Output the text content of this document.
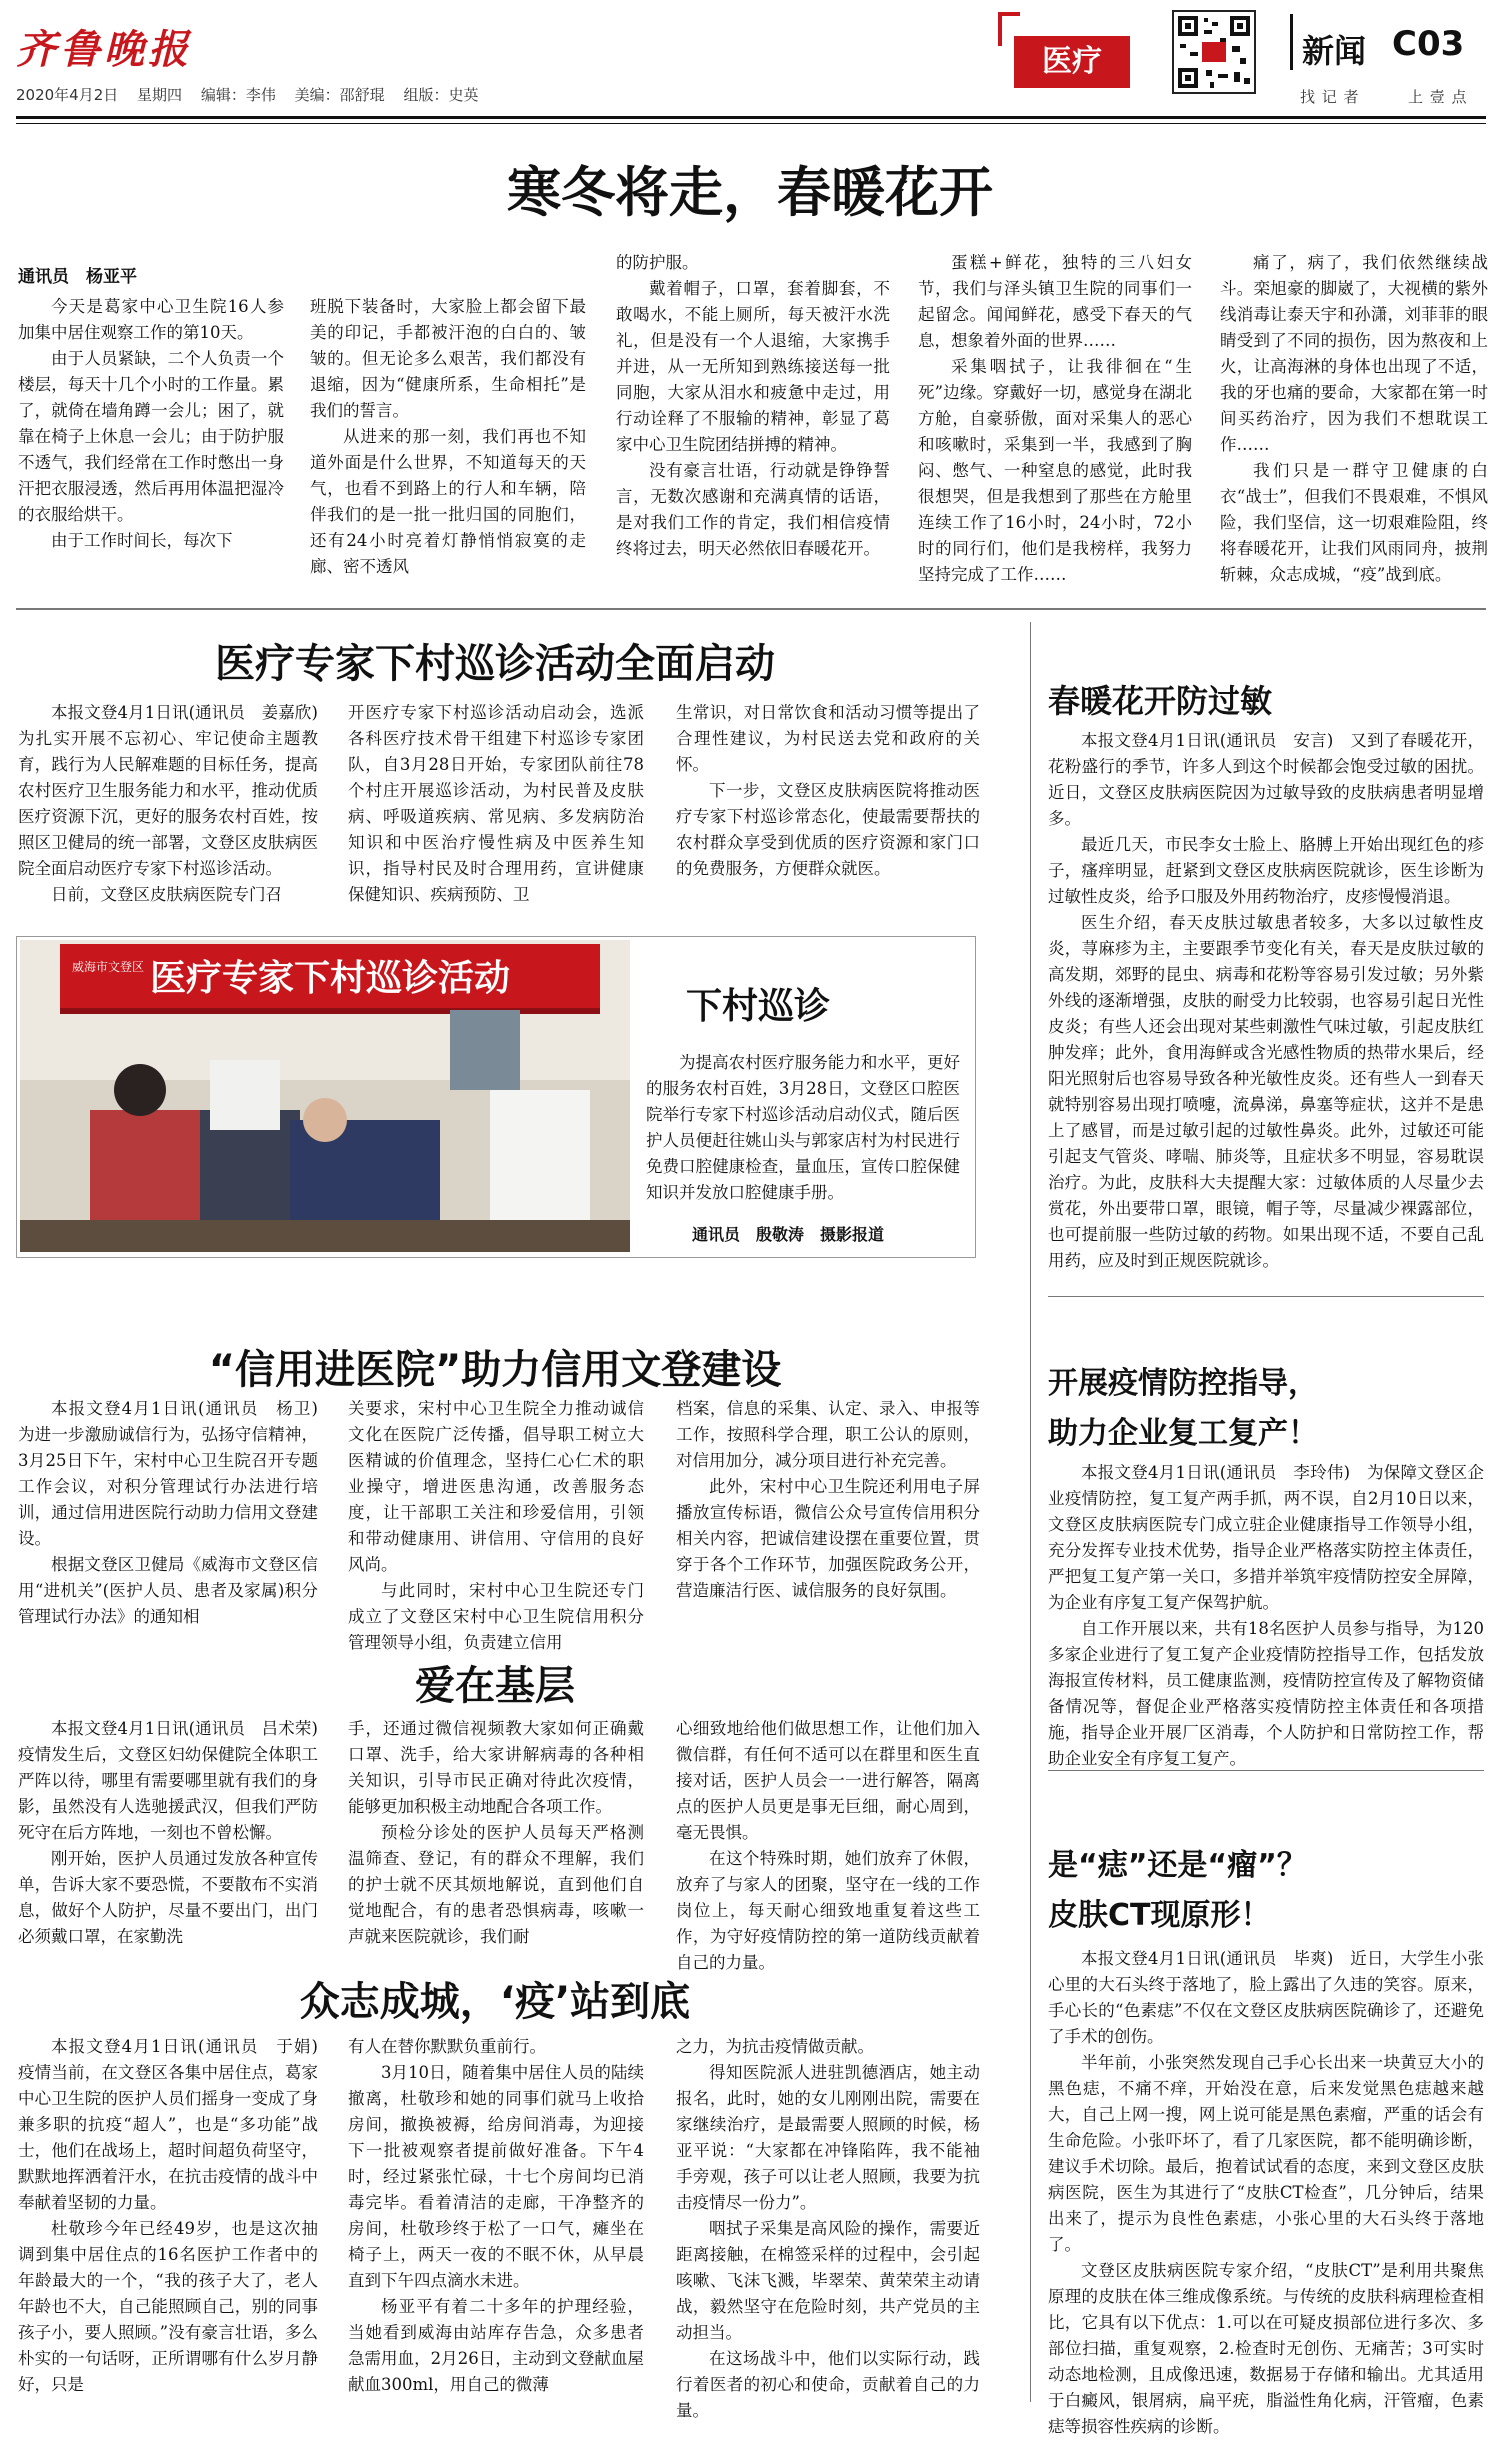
齐鲁晚报
2020年4月2日 星期四 编辑：李伟 美编：邵舒琨 组版：史英
医疗	新闻 C03
找 记 者	上 壹 点
寒冬将走，春暖花开
通讯员　杨亚平

今天是葛家中心卫生院16人参加集中居住观察工作的第10天。

由于人员紧缺，二个人负责一个楼层，每天十几个小时的工作量。累了，就倚在墙角蹲一会儿；困了，就靠在椅子上休息一会儿；由于防护服不透气，我们经常在工作时憋出一身汗把衣服浸透，然后再用体温把湿冷的衣服给烘干。

由于工作时间长，每次下

班脱下装备时，大家脸上都会留下最美的印记，手都被汗泡的白白的、皱皱的。但无论多么艰苦，我们都没有退缩，因为“健康所系，生命相托”是我们的誓言。

从进来的那一刻，我们再也不知道外面是什么世界，不知道每天的天气，也看不到路上的行人和车辆，陪伴我们的是一批一批归国的同胞们，还有24小时亮着灯静悄悄寂寞的走廊、密不透风

的防护服。

戴着帽子，口罩，套着脚套，不敢喝水，不能上厕所，每天被汗水洗礼，但是没有一个人退缩，大家携手并进，从一无所知到熟练接送每一批同胞，大家从泪水和疲惫中走过，用行动诠释了不服输的精神，彰显了葛家中心卫生院团结拼搏的精神。

没有豪言壮语，行动就是铮铮誓言，无数次感谢和充满真情的话语，是对我们工作的肯定，我们相信疫情终将过去，明天必然依旧春暖花开。

蛋糕+鲜花，独特的三八妇女节，我们与泽头镇卫生院的同事们一起留念。闻闻鲜花，感受下春天的气息，想象着外面的世界……

采集咽拭子，让我徘徊在“生死”边缘。穿戴好一切，感觉身在湖北方舱，自豪骄傲，面对采集人的恶心和咳嗽时，采集到一半，我感到了胸闷、憋气、一种窒息的感觉，此时我很想哭，但是我想到了那些在方舱里连续工作了16小时，24小时，72小时的同行们，他们是我榜样，我努力坚持完成了工作……

痛了，病了，我们依然继续战斗。栾旭豪的脚崴了，大视横的紫外线消毒让泰天宇和孙潇，刘菲菲的眼睛受到了不同的损伤，因为熬夜和上火，让高海淋的身体也出现了不适，我的牙也痛的要命，大家都在第一时间买药治疗，因为我们不想耽误工作……

我们只是一群守卫健康的白衣“战士”，但我们不畏艰难，不惧风险，我们坚信，这一切艰难险阻，终将春暖花开，让我们风雨同舟，披荆斩棘，众志成城，“疫”战到底。

医疗专家下村巡诊活动全面启动

本报文登4月1日讯(通讯员　姜嘉欣)　为扎实开展不忘初心、牢记使命主题教育，践行为人民解难题的目标任务，提高农村医疗卫生服务能力和水平，推动优质医疗资源下沉，更好的服务农村百姓，按照区卫健局的统一部署，文登区皮肤病医院全面启动医疗专家下村巡诊活动。

日前，文登区皮肤病医院专门召

开医疗专家下村巡诊活动启动会，选派各科医疗技术骨干组建下村巡诊专家团队，自3月28日开始，专家团队前往78个村庄开展巡诊活动，为村民普及皮肤病、呼吸道疾病、常见病、多发病防治知识和中医治疗慢性病及中医养生知识，指导村民及时合理用药，宣讲健康保健知识、疾病预防、卫

生常识，对日常饮食和活动习惯等提出了合理性建议，为村民送去党和政府的关怀。

下一步，文登区皮肤病医院将推动医疗专家下村巡诊常态化，使最需要帮扶的农村群众享受到优质的医疗资源和家门口的免费服务，方便群众就医。

医疗专家下村巡诊活动
威海市文登区
下村巡诊

为提高农村医疗服务能力和水平，更好的服务农村百姓，3月28日，文登区口腔医院举行专家下村巡诊活动启动仪式，随后医护人员便赶往姚山头与郭家店村为村民进行免费口腔健康检查，量血压，宣传口腔保健知识并发放口腔健康手册。

通讯员　殷敬涛　摄影报道
“信用进医院”助力信用文登建设

本报文登4月1日讯(通讯员　杨卫)　为进一步激励诚信行为，弘扬守信精神，3月25日下午，宋村中心卫生院召开专题工作会议，对积分管理试行办法进行培训，通过信用进医院行动助力信用文登建设。

根据文登区卫健局《威海市文登区信用“进机关”(医护人员、患者及家属)积分管理试行办法》的通知相

关要求，宋村中心卫生院全力推动诚信文化在医院广泛传播，倡导职工树立大医精诚的价值理念，坚持仁心仁术的职业操守，增进医患沟通，改善服务态度，让干部职工关注和珍爱信用，引领和带动健康用、讲信用、守信用的良好风尚。

与此同时，宋村中心卫生院还专门成立了文登区宋村中心卫生院信用积分管理领导小组，负责建立信用

档案，信息的采集、认定、录入、申报等工作，按照科学合理，职工公认的原则，对信用加分，减分项目进行补充完善。

此外，宋村中心卫生院还利用电子屏播放宣传标语，微信公众号宣传信用积分相关内容，把诚信建设摆在重要位置，贯穿于各个工作环节，加强医院政务公开，营造廉洁行医、诚信服务的良好氛围。

爱在基层

本报文登4月1日讯(通讯员　吕术荣)　疫情发生后，文登区妇幼保健院全体职工严阵以待，哪里有需要哪里就有我们的身影，虽然没有人选驰援武汉，但我们严防死守在后方阵地，一刻也不曾松懈。

刚开始，医护人员通过发放各种宣传单，告诉大家不要恐慌，不要散布不实消息，做好个人防护，尽量不要出门，出门必须戴口罩，在家勤洗

手，还通过微信视频教大家如何正确戴口罩、洗手，给大家讲解病毒的各种相关知识，引导市民正确对待此次疫情，能够更加积极主动地配合各项工作。

预检分诊处的医护人员每天严格测温筛查、登记，有的群众不理解，我们的护士就不厌其烦地解说，直到他们自觉地配合，有的患者恐惧病毒，咳嗽一声就来医院就诊，我们耐

心细致地给他们做思想工作，让他们加入微信群，有任何不适可以在群里和医生直接对话，医护人员会一一进行解答，隔离点的医护人员更是事无巨细，耐心周到，毫无畏惧。

在这个特殊时期，她们放弃了休假，放弃了与家人的团聚，坚守在一线的工作岗位上，每天耐心细致地重复着这些工作，为守好疫情防控的第一道防线贡献着自己的力量。

众志成城，‘疫’站到底

本报文登4月1日讯(通讯员　于娟)　疫情当前，在文登区各集中居住点，葛家中心卫生院的医护人员们摇身一变成了身兼多职的抗疫“超人”，也是“多功能”战士，他们在战场上，超时间超负荷坚守，默默地挥洒着汗水，在抗击疫情的战斗中奉献着坚韧的力量。

杜敬珍今年已经49岁，也是这次抽调到集中居住点的16名医护工作者中的年龄最大的一个，“我的孩子大了，老人年龄也不大，自己能照顾自己，别的同事孩子小，要人照顾。”没有豪言壮语，多么朴实的一句话呀，正所谓哪有什么岁月静好，只是

有人在替你默默负重前行。

3月10日，随着集中居住人员的陆续撤离，杜敬珍和她的同事们就马上收拾房间，撤换被褥，给房间消毒，为迎接下一批被观察者提前做好准备。下午4时，经过紧张忙碌，十七个房间均已消毒完毕。看着清洁的走廊，干净整齐的房间，杜敬珍终于松了一口气，瘫坐在椅子上，两天一夜的不眠不休，从早晨直到下午四点滴水未进。

杨亚平有着二十多年的护理经验，当她看到威海由站库存告急，众多患者急需用血，2月26日，主动到文登献血屋献血300ml，用自己的微薄

之力，为抗击疫情做贡献。

得知医院派人进驻凯德酒店，她主动报名，此时，她的女儿刚刚出院，需要在家继续治疗，是最需要人照顾的时候，杨亚平说：“大家都在冲锋陷阵，我不能袖手旁观，孩子可以让老人照顾，我要为抗击疫情尽一份力”。

咽拭子采集是高风险的操作，需要近距离接触，在棉签采样的过程中，会引起咳嗽、飞沫飞溅，毕翠荣、黄荣荣主动请战，毅然坚守在危险时刻，共产党员的主动担当。

在这场战斗中，他们以实际行动，践行着医者的初心和使命，贡献着自己的力量。

春暖花开防过敏

本报文登4月1日讯(通讯员　安言)　又到了春暖花开，花粉盛行的季节，许多人到这个时候都会饱受过敏的困扰。近日，文登区皮肤病医院因为过敏导致的皮肤病患者明显增多。

最近几天，市民李女士脸上、胳膊上开始出现红色的疹子，瘙痒明显，赶紧到文登区皮肤病医院就诊，医生诊断为过敏性皮炎，给予口服及外用药物治疗，皮疹慢慢消退。

医生介绍，春天皮肤过敏患者较多，大多以过敏性皮炎，荨麻疹为主，主要跟季节变化有关，春天是皮肤过敏的高发期，郊野的昆虫、病毒和花粉等容易引发过敏；另外紫外线的逐渐增强，皮肤的耐受力比较弱，也容易引起日光性皮炎；有些人还会出现对某些刺激性气味过敏，引起皮肤红肿发痒；此外，食用海鲜或含光感性物质的热带水果后，经阳光照射后也容易导致各种光敏性皮炎。还有些人一到春天就特别容易出现打喷嚏，流鼻涕，鼻塞等症状，这并不是患上了感冒，而是过敏引起的过敏性鼻炎。此外，过敏还可能引起支气管炎、哮喘、肺炎等，且症状多不明显，容易耽误治疗。为此，皮肤科大夫提醒大家：过敏体质的人尽量少去赏花，外出要带口罩，眼镜，帽子等，尽量减少裸露部位，也可提前服一些防过敏的药物。如果出现不适，不要自己乱用药，应及时到正规医院就诊。

开展疫情防控指导，
助力企业复工复产！

本报文登4月1日讯(通讯员　李玲伟)　为保障文登区企业疫情防控，复工复产两手抓，两不误，自2月10日以来，文登区皮肤病医院专门成立驻企业健康指导工作领导小组，充分发挥专业技术优势，指导企业严格落实防控主体责任，严把复工复产第一关口，多措并举筑牢疫情防控安全屏障，为企业有序复工复产保驾护航。

自工作开展以来，共有18名医护人员参与指导，为120多家企业进行了复工复产企业疫情防控指导工作，包括发放海报宣传材料，员工健康监测，疫情防控宣传及了解物资储备情况等，督促企业严格落实疫情防控主体责任和各项措施，指导企业开展厂区消毒，个人防护和日常防控工作，帮助企业安全有序复工复产。

是“痣”还是“瘤”？
皮肤CT现原形！

本报文登4月1日讯(通讯员　毕爽)　近日，大学生小张心里的大石头终于落地了，脸上露出了久违的笑容。原来，手心长的“色素痣”不仅在文登区皮肤病医院确诊了，还避免了手术的创伤。

半年前，小张突然发现自己手心长出来一块黄豆大小的黑色痣，不痛不痒，开始没在意，后来发觉黑色痣越来越大，自己上网一搜，网上说可能是黑色素瘤，严重的话会有生命危险。小张吓坏了，看了几家医院，都不能明确诊断，建议手术切除。最后，抱着试试看的态度，来到文登区皮肤病医院，医生为其进行了“皮肤CT检查”，几分钟后，结果出来了，提示为良性色素痣，小张心里的大石头终于落地了。

文登区皮肤病医院专家介绍，“皮肤CT”是利用共聚焦原理的皮肤在体三维成像系统。与传统的皮肤科病理检查相比，它具有以下优点：1.可以在可疑皮损部位进行多次、多部位扫描，重复观察，2.检查时无创伤、无痛苦；3可实时动态地检测，且成像迅速，数据易于存储和输出。尤其适用于白癜风，银屑病，扁平疣，脂溢性角化病，汗管瘤，色素痣等损容性疾病的诊断。
